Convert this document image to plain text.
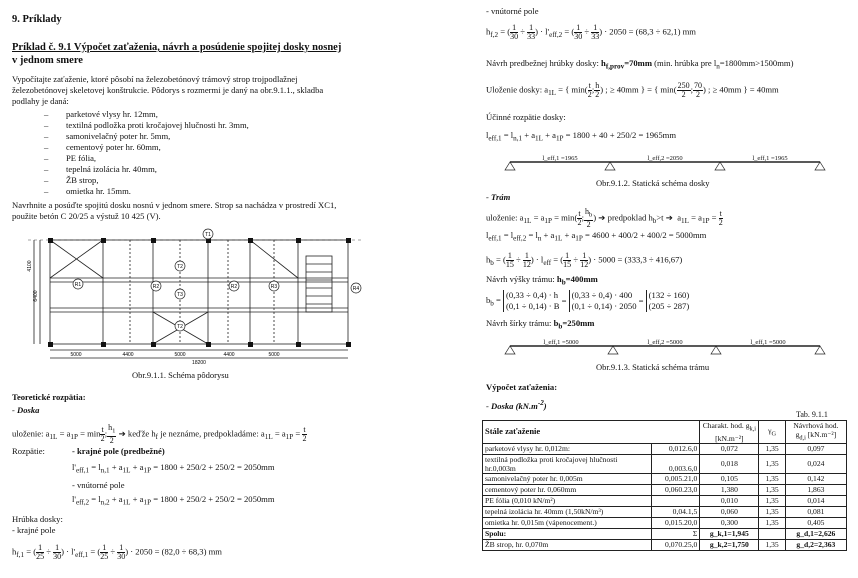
9. Príklady
Príklad č. 9.1 Výpočet zaťaženia, návrh a posúdenie spojitej dosky nosnej
v jednom smere
Vypočítajte zaťaženie, ktoré pôsobí na železobetónový trámový strop trojpodlažnej
železobetónovej skeletovej konštrukcie. Pôdorys s rozmermi je daný na obr.9.1.1., skladba
podlahy je daná:
– parketové vlysy hr. 12mm,
– textilná podložka proti kročajovej hlučnosti hr. 3mm,
– samonivelačný poter hr. 5mm,
– cementový poter hr. 60mm,
– PE fólia,
– tepelná izolácia hr. 40mm,
– ŽB strop,
– omietka hr. 15mm.
Navrhnite a posúďte spojitú dosku nosnú v jednom smere. Strop sa nachádza v prostredí XC1,
použite betón C 20/25 a výstuž 10 425 (V).
T1
T2
T3
T2
R1	R2	R2	R3	R4
5000	4400	5000	4400	5000
18200
6400
4100
Obr.9.1.1. Schéma pôdorysu
Teoretické rozpätia:
- Doska
uloženie: $a_{1L} = a_{1P} = \min \frac{t}{2}$ ; $\frac{h_1}{2}$ ➔ keďže $h_f$ je neznáme, predpokladáme: $a_{1L} = a_{1P} = \frac{t}{2}$
Rozpätie:	- krajné pole (predbežné)
$l'_{eff,1} = l_{n,1} + a_{1L} + a_{1P} = 1800 + 250/2 + 250/2 = 2050mm$
- vnútorné pole
$l'_{eff,2} = l_{n,2} + a_{1L} + a_{1P} = 1800 + 250/2 + 250/2 = 2050mm$
Hrúbka dosky:
- krajné pole
$h_{f,1}$ = ( $\frac{1}{25} \div \frac{1}{30}$ ) · $l'_{eff,1}$ = ( $\frac{1}{25} \div \frac{1}{30}$ ) · 2050 = (82,0 ÷ 68,3) mm
- vnútorné pole
$h_{f,2}$ = ( $\frac{1}{30} \div \frac{1}{33}$ ) · $l'_{eff,2}$ = ( $\frac{1}{30} \div \frac{1}{33}$ ) · 2050 = (68,3 ÷ 62,1) mm
Návrh predbežnej hrúbky dosky: $h_{f,prov}=70mm$ (min. hrúbka pre $l_n=1800mm>1500mm$)
Uloženie dosky: $a_{1L}$ = { $\min( \frac{t}{2}$ ; $\frac{h}{2}$ ) ; ≥ 40mm } = { $\min( \frac{250}{2}$ ; $\frac{70}{2}$ ) ; ≥ 40mm } = 40mm
Účinné rozpätie dosky:
$l_{eff,1} = l_{n,1} + a_{1L} + a_{1P} = 1800 + 40 + 250/2 = 1965mm$
l_eff,1 =1965	l_eff,2 =2050	l_eff,1 =1965
Obr.9.1.2. Statická schéma dosky
- Trám
uloženie: $a_{1L} = a_{1P} = \min( \frac{t}{2}$ ; $\frac{h_b}{2}$ ) ➔ predpoklad $h_b>t$ ➔  $a_{1L} = a_{1P} = \frac{t}{2}$
$l_{eff,1} = l_{eff,2} = l_n + a_{1L} + a_{1P} = 4600 + 400/2 + 400/2 = 5000mm$
$h_b$ = ( $\frac{1}{15} \div \frac{1}{12}$ ) · $l_{eff}$ = ( $\frac{1}{15} \div \frac{1}{12}$ ) · 5000 = (333,3 ÷ 416,67)
Návrh výšky trámu: $h_b=400mm$
$b_b = (0,33 \div 0,4) \cdot h$
(0,1 ÷ 0,14) · B =
(0,33 ÷ 0,4) · 400
(0,1 ÷ 0,14) · 2050 =
(132 ÷ 160)
(205 ÷ 287)
Návrh šírky trámu: $b_b=250mm$
l_eff,1 =5000	l_eff,2 =5000	l_eff,1 =5000
Obr.9.1.3. Statická schéma trámu
Výpočet zaťaženia:
- Doska $(kN.m^{-2})$
Tab. 9.1.1
Stále zaťaženie		Charakt. hod. $g_{k,i}$ [kN.m⁻²]	$\gamma_G$	Návrhová hod. $g_{d,i}$ [kN.m⁻²]
parketové vlysy hr. 0,012m:	0,012.6,0	0,072	1,35	0,097
textilná podložka proti kročajovej hlučnosti
hr.0,003m	0,003.6,0	0,018	1,35	0,024
samonivelačný poter hr. 0,005m	0,005.21,0	0,105	1,35	0,142
cementový poter hr. 0,060mm	0,060.23,0	1,380	1,35	1,863
PE fólia (0,010 kN/m²)		0,010	1,35	0,014
tepelná izolácia hr. 40mm (1,50kN/m³)	0,04.1,5	0,060	1,35	0,081
omietka hr. 0,015m (vápenocement.)	0,015.20,0	0,300	1,35	0,405
Spolu:	Σ	g_k,1=1,945		g_d,1=2,626
ŽB strop, hr. 0,070m	0,070.25,0	g_k,2=1,750	1,35	g_d,2=2,363
